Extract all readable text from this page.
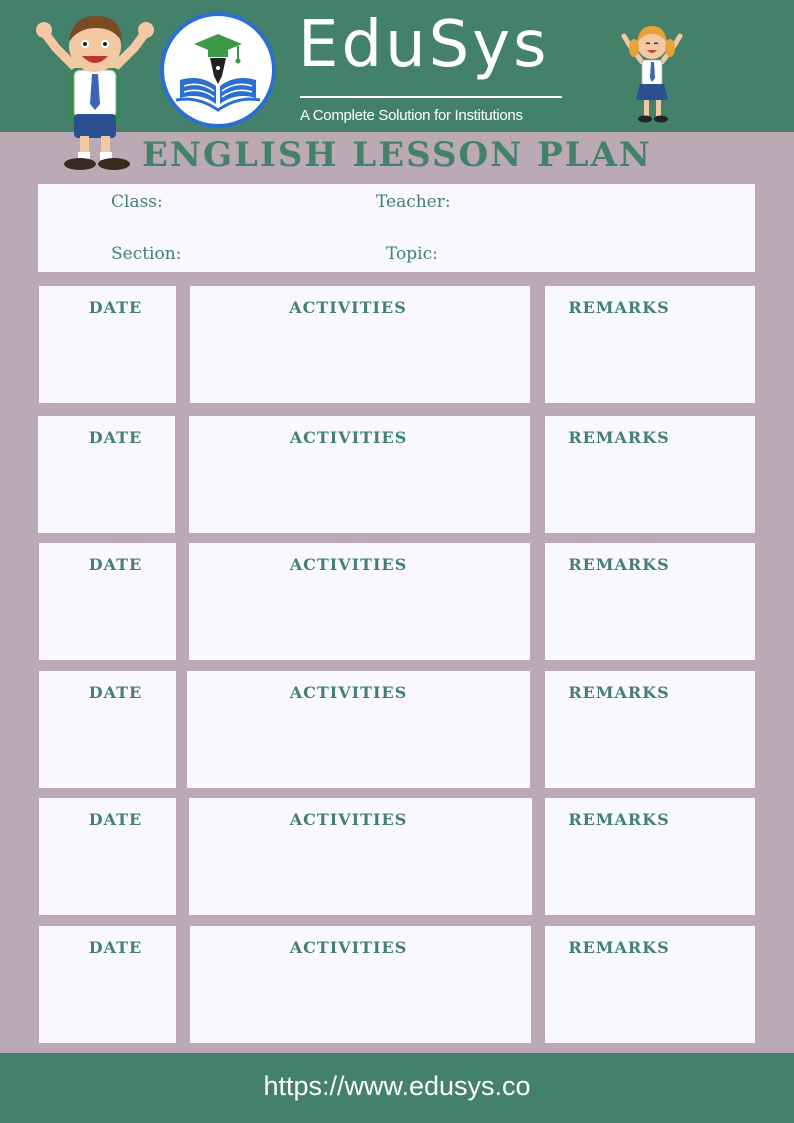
EduSys
A Complete Solution for Institutions
ENGLISH LESSON PLAN
Class:	Teacher:
Section:	Topic:
DATE	ACTIVITIES	REMARKS
DATE	ACTIVITIES	REMARKS
DATE	ACTIVITIES	REMARKS
DATE	ACTIVITIES	REMARKS
DATE	ACTIVITIES	REMARKS
DATE	ACTIVITIES	REMARKS
https://www.edusys.co
